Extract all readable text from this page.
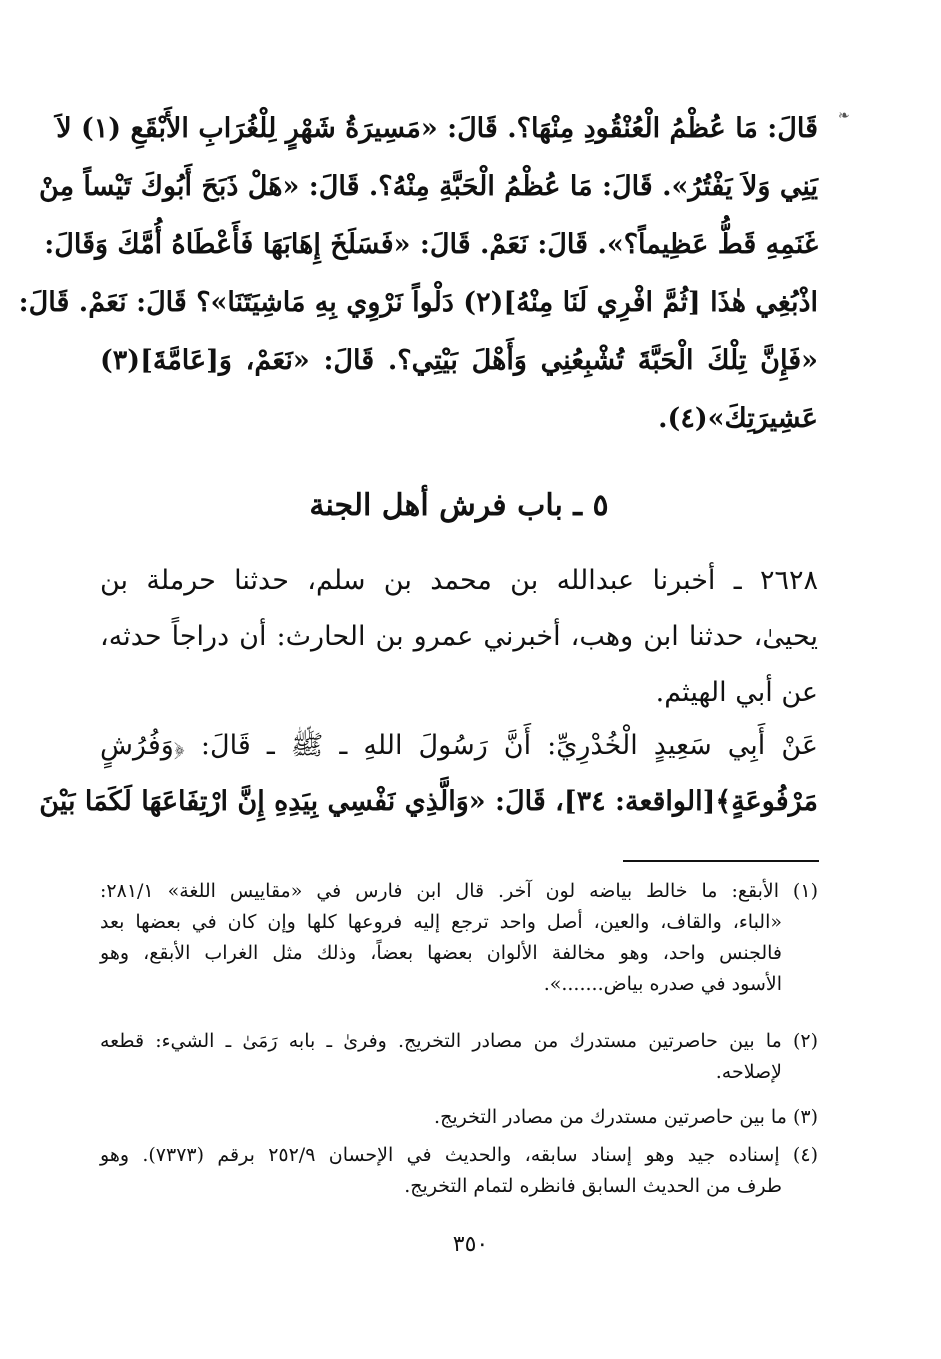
❧
قَالَ: مَا عُظْمُ الْعُنْقُودِ مِنْهَا؟. قَالَ: «مَسِيرَةُ شَهْرٍ لِلْغُرَابِ الأَبْقَعِ (١) لاَ
يَنِي وَلاَ يَفْتُرُ». قَالَ: مَا عُظْمُ الْحَبَّةِ مِنْهُ؟. قَالَ: «هَلْ ذَبَحَ أَبُوكَ تَيْساً مِنْ
غَنَمِهِ قَطُّ عَظِيماً؟». قَالَ: نَعَمْ. قَالَ: «فَسَلَخَ إِهَابَهَا فَأَعْطَاهُ أُمَّكَ وَقَالَ:
اذْبُغِي هٰذَا [ثُمَّ افْرِي لَنَا مِنْهُ](٢) دَلْواً نَرْوِي بِهِ مَاشِيَتَنَا»؟ قَالَ: نَعَمْ. قَالَ:
«فَإِنَّ تِلْكَ الْحَبَّةَ تُشْبِعُنِي وَأَهْلَ بَيْتِي؟. قَالَ: «نَعَمْ، وَ[عَامَّةَ](٣)
عَشِيرَتِكَ»(٤).
٥ ـ باب فرش أهل الجنة
٢٦٢٨ ـ أخبرنا عبدالله بن محمد بن سلم، حدثنا حرملة بن
يحيىٰ، حدثنا ابن وهب، أخبرني عمرو بن الحارث: أن دراجاً حدثه،
عن أبي الهيثم.
عَنْ أَبِي سَعِيدٍ الْخُدْرِيِّ: أَنَّ رَسُولَ اللهِ ـ ﷺ ـ قَالَ: ﴿وَفُرُشٍ
مَرْفُوعَةٍ﴾[الواقعة: ٣٤]، قَالَ: «وَالَّذِي نَفْسِي بِيَدِهِ إِنَّ ارْتِفَاعَهَا لَكَمَا بَيْنَ
(١) الأبقع: ما خالط بياضه لون آخر. قال ابن فارس في «مقاييس اللغة» ٢٨١/١:
«الباء، والقاف، والعين، أصل واحد ترجع إليه فروعها كلها وإن كان في بعضها بعد
فالجنس واحد، وهو مخالفة الألوان بعضها بعضاً، وذلك مثل الغراب الأبقع، وهو
الأسود في صدره بياض.......».
(٢) ما بين حاصرتين مستدرك من مصادر التخريج. وفرىٰ ـ بابه رَمَىٰ ـ الشيء: قطعه
لإصلاحه.
(٣) ما بين حاصرتين مستدرك من مصادر التخريج.
(٤) إسناده جيد وهو إسناد سابقه، والحديث في الإحسان ٢٥٢/٩ برقم (٧٣٧٣). وهو
طرف من الحديث السابق فانظره لتمام التخريج.
٣٥٠
